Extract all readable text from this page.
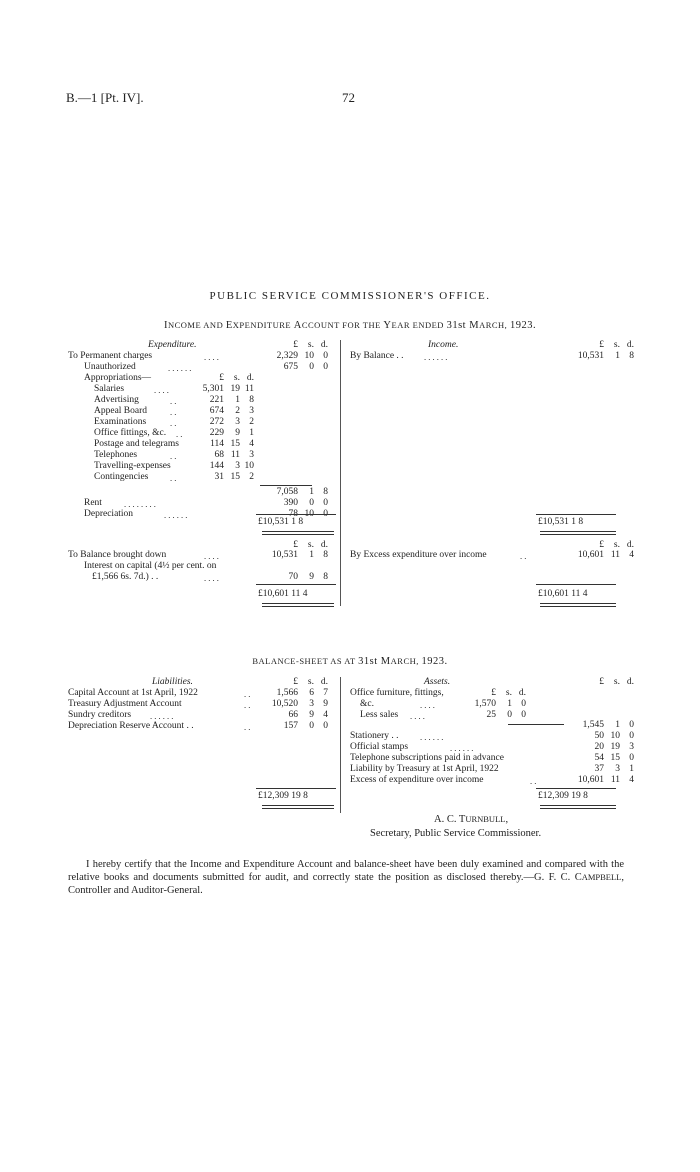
B.—1 [Pt. IV].	72
PUBLIC SERVICE COMMISSIONER'S OFFICE.
INCOME AND EXPENDITURE ACCOUNT FOR THE YEAR ENDED 31st MARCH, 1923.
Expenditure.	£ s. d.
To Permanent charges	. . . .	2,329 10 0
Unauthorized	. . . . . .	675 0 0
Appropriations—	£ s. d.
Salaries	. . . .	5,301 19 11
Advertising	. .	221 1 8
Appeal Board	. .	674 2 3
Examinations	. .	272 3 2
Office fittings, &c. . .	229 9 1
Postage and telegrams	114 15 4
Telephones	. .	68 11 3
Travelling-expenses	144 3 10
Contingencies	. .	31 15 2
7,058 1 8
Rent	. . . . . . . .	390 0 0
Depreciation	. . . . . .	78 10 0
£10,531 1 8
£ s. d.
To Balance brought down	. . . .	10,531 1 8
Interest on capital (4½ per cent. on
£1,566 6s. 7d.) . .	. . . .	70 9 8
£10,601 11 4
Income.	£ s. d.
By Balance . . . . . . . .	10,531 1 8
£10,531 1 8
£ s. d.
By Excess expenditure over income	. .	10,601 11 4
£10,601 11 4
BALANCE-SHEET AS AT 31st MARCH, 1923.
Liabilities.	£ s. d.
Capital Account at 1st April, 1922	. .	1,566 6 7
Treasury Adjustment Account	. .	10,520 3 9
Sundry creditors . . . . . .	66 9 4
Depreciation Reserve Account . .	. .	157 0 0
Assets.	£ s. d.
Office furniture, fittings,	£ s. d.
&c.	. . . .	1,570 1 0
Less sales . . . .	25 0 0
1,545 1 0
Stationery . .	. . . . . .	50 10 0
Official stamps	. . . . . .	20 19 3
Telephone subscriptions paid in advance	54 15 0
Liability by Treasury at 1st April, 1922	37 3 1
Excess of expenditure over income	. .	10,601 11 4
£12,309 19 8	£12,309 19 8
A. C. TURNBULL,
Secretary, Public Service Commissioner.
I hereby certify that the Income and Expenditure Account and balance-sheet have been duly examined and compared with the relative books and documents submitted for audit, and correctly state the position as disclosed thereby.—G. F. C. CAMPBELL, Controller and Auditor-General.
